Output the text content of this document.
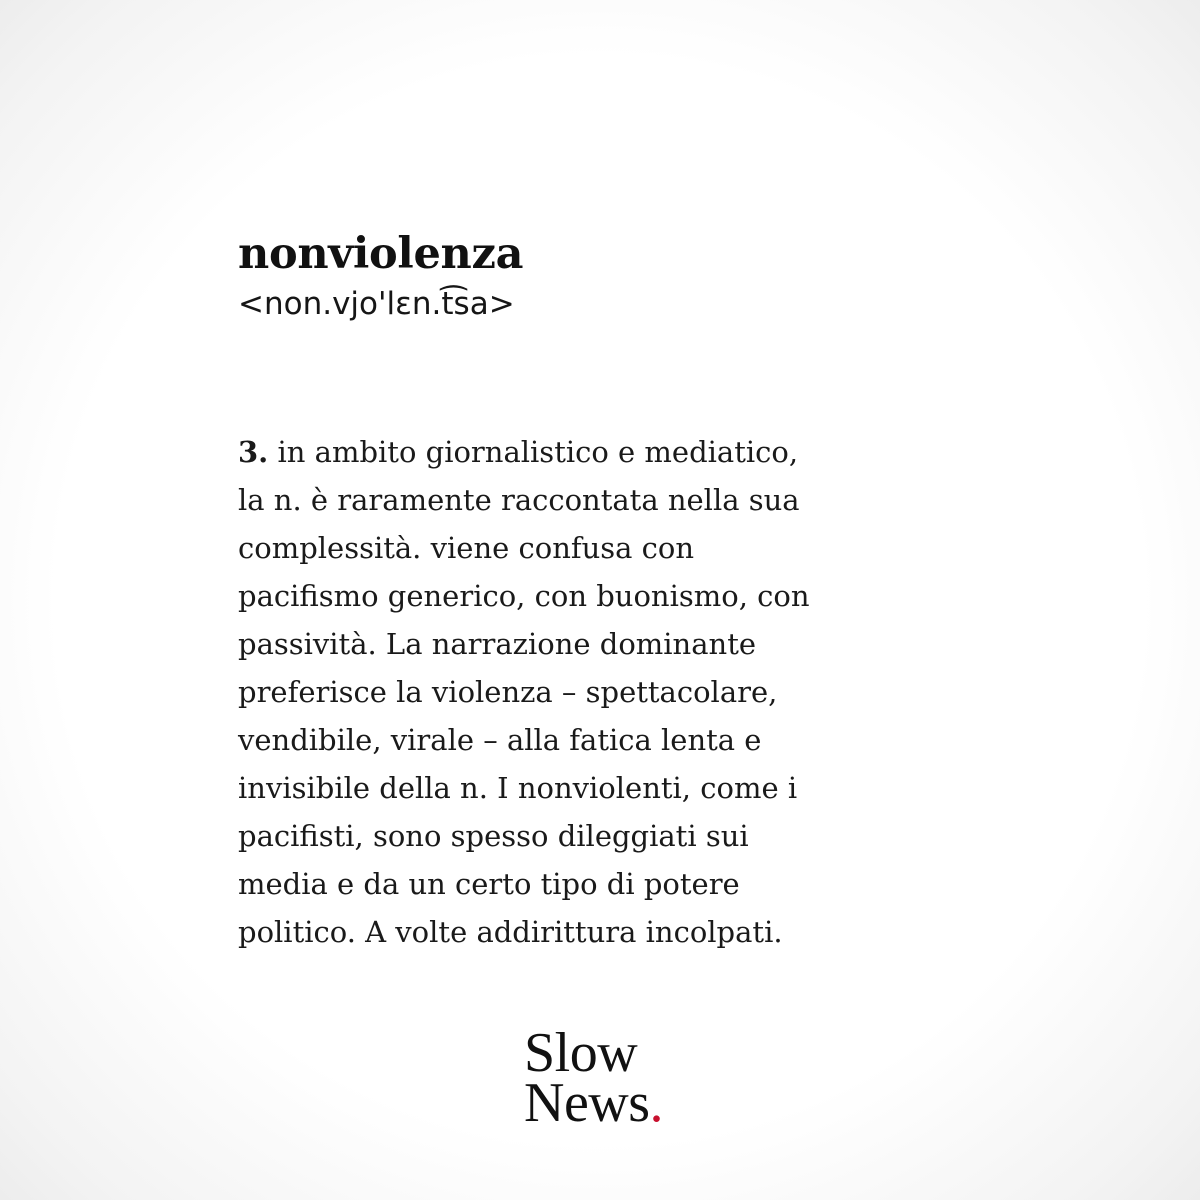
nonviolenza
<non.vjo'lɛn.t͡sa>

3. in ambito giornalistico e mediatico,
la n. è raramente raccontata nella sua
complessità. viene confusa con
pacifismo generico, con buonismo, con
passività. La narrazione dominante
preferisce la violenza – spettacolare,
vendibile, virale – alla fatica lenta e
invisibile della n. I nonviolenti, come i
pacifisti, sono spesso dileggiati sui
media e da un certo tipo di potere
politico. A volte addirittura incolpati.

Slow
News.
